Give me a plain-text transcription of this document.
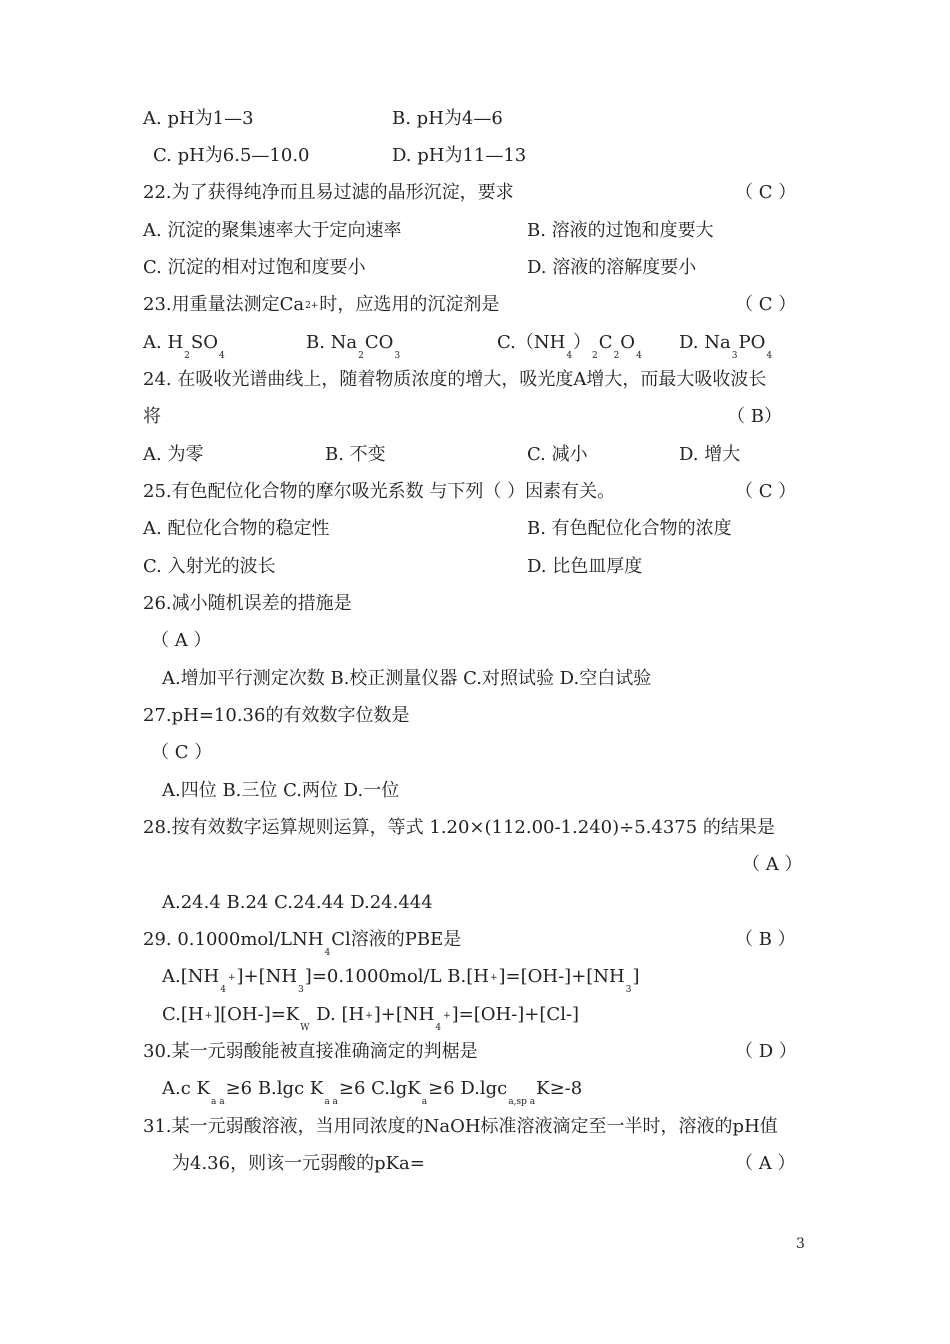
A. pH为1—3	B. pH为4—6
C. pH为6.5—10.0	D. pH为11—13
22.为了获得纯净而且易过滤的晶形沉淀，要求	（ C ）
A. 沉淀的聚集速率大于定向速率	B. 溶液的过饱和度要大
C. 沉淀的相对过饱和度要小	D. 溶液的溶解度要小
23.用重量法测定Ca2+时，应选用的沉淀剂是	（ C ）
A. $H_2SO_4$
B. $Na_2CO_3$
$C.(NH_4)_2C_2O_4$
D. $Na_3PO_4$
24. 在吸收光谱曲线上，随着物质浓度的增大，吸光度A增大，而最大吸收波长
将	（ B）
A. 为零	B. 不变	C. 减小	D. 增大
25.有色配位化合物的摩尔吸光系数 与下列（ ）因素有关。	（ C ）
A. 配位化合物的稳定性	B. 有色配位化合物的浓度
C. 入射光的波长	D. 比色皿厚度
26.减小随机误差的措施是
（ A ）
A.增加平行测定次数 B.校正测量仪器 C.对照试验 D.空白试验
27.pH=10.36的有效数字位数是
（ C ）
A.四位 B.三位 C.两位 D.一位
28.按有效数字运算规则运算，等式 1.20×(112.00-1.240)÷5.4375 的结果是
（ A ）
A.24.4 B.24 C.24.44 D.24.444
29. $0.1000mol/LNH_4Cl$溶液的PBE是	（ B ）
$A.[NH_4+]+[NH_3]=0.1000mol/L$ $B.[H+]=[OH-]+[NH_3]$
$C.[H+][OH-]=K_W$ D. $[H+]+[NH_4+]=[OH-]+[Cl-]$
30.某一元弱酸能被直接准确滴定的判椐是	（ D ）
A.c $K_{a a}\ge 6$ B.lgc $K_{a a}\ge 6$ C.lgK$_a$≥6 D.lgc$_{a,sp a}$K≥-8
31.某一元弱酸溶液，当用同浓度的NaOH标准溶液滴定至一半时，溶液的pH值
为4.36，则该一元弱酸的pKa=	（ A ）
3
